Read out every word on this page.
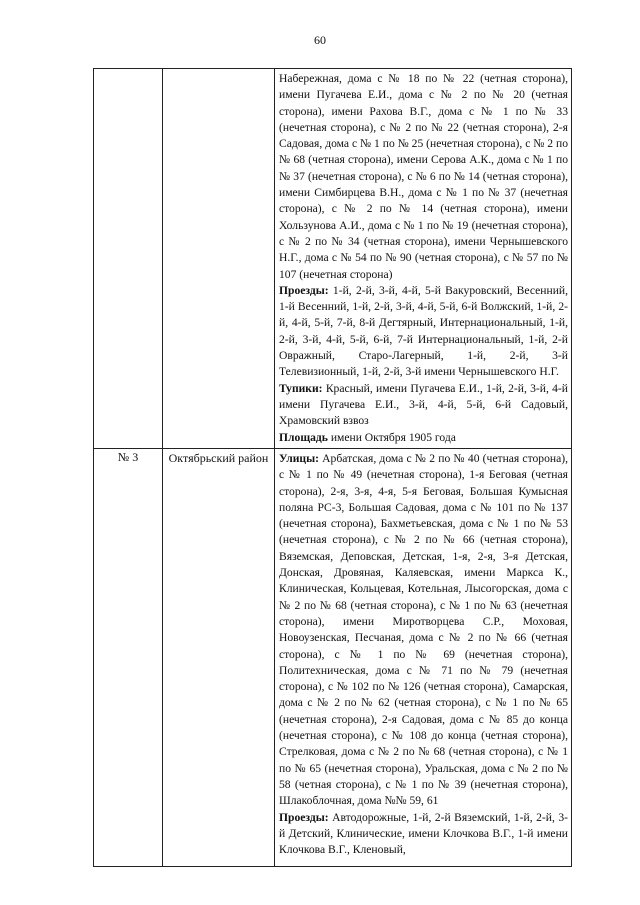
60

		Набережная, дома с № 18 по № 22 (четная сторона), имени Пугачева Е.И., дома с № 2 по № 20 (четная сторона), имени Рахова В.Г., дома с № 1 по № 33 (нечетная сторона), с № 2 по № 22 (четная сторона), 2-я Садовая, дома с № 1 по № 25 (нечетная сторона), с № 2 по № 68 (четная сторона), имени Серова А.К., дома с № 1 по № 37 (нечетная сторона), с № 6 по № 14 (четная сторона), имени Симбирцева В.Н., дома с № 1 по № 37 (нечетная сторона), с № 2 по № 14 (четная сторона), имени Хользунова А.И., дома с № 1 по № 19 (нечетная сторона), с № 2 по № 34 (четная сторона), имени Чернышевского Н.Г., дома с № 54 по № 90 (четная сторона), с № 57 по № 107 (нечетная сторона)

Проезды: 1-й, 2-й, 3-й, 4-й, 5-й Вакуровский, Весенний, 1-й Весенний, 1-й, 2-й, 3-й, 4-й, 5-й, 6-й Волжский, 1-й, 2-й, 4-й, 5-й, 7-й, 8-й Дегтярный, Интернациональный, 1-й, 2-й, 3-й, 4-й, 5-й, 6-й, 7-й Интернациональный, 1-й, 2-й Овражный, Старо-Лагерный, 1-й, 2-й, 3-й Телевизионный, 1-й, 2-й, 3-й имени Чернышевского Н.Г.

Тупики: Красный, имени Пугачева Е.И., 1-й, 2-й, 3-й, 4-й имени Пугачева Е.И., 3-й, 4-й, 5-й, 6-й Садовый, Храмовский взвоз

Площадь имени Октября 1905 года

№ 3	Октябрьский район	Улицы: Арбатская, дома с № 2 по № 40 (четная сторона), с № 1 по № 49 (нечетная сторона), 1-я Беговая (четная сторона), 2-я, 3-я, 4-я, 5-я Беговая, Большая Кумысная поляна РС-3, Большая Садовая, дома с № 101 по № 137 (нечетная сторона), Бахметьевская, дома с № 1 по № 53 (нечетная сторона), с № 2 по № 66 (четная сторона), Вяземская, Деповская, Детская, 1-я, 2-я, 3-я Детская, Донская, Дровяная, Каляевская, имени Маркса К., Клиническая, Кольцевая, Котельная, Лысогорская, дома с № 2 по № 68 (четная сторона), с № 1 по № 63 (нечетная сторона), имени Миротворцева С.Р., Моховая, Новоузенская, Песчаная, дома с № 2 по № 66 (четная сторона), с № 1 по № 69 (нечетная сторона), Политехническая, дома с № 71 по № 79 (нечетная сторона), с № 102 по № 126 (четная сторона), Самарская, дома с № 2 по № 62 (четная сторона), с № 1 по № 65 (нечетная сторона), 2-я Садовая, дома с № 85 до конца (нечетная сторона), с № 108 до конца (четная сторона), Стрелковая, дома с № 2 по № 68 (четная сторона), с № 1 по № 65 (нечетная сторона), Уральская, дома с № 2 по № 58 (четная сторона), с № 1 по № 39 (нечетная сторона), Шлакоблочная, дома №№ 59, 61

Проезды: Автодорожные, 1-й, 2-й Вяземский, 1-й, 2-й, 3-й Детский, Клинические, имени Клочкова В.Г., 1-й имени Клочкова В.Г., Кленовый,
